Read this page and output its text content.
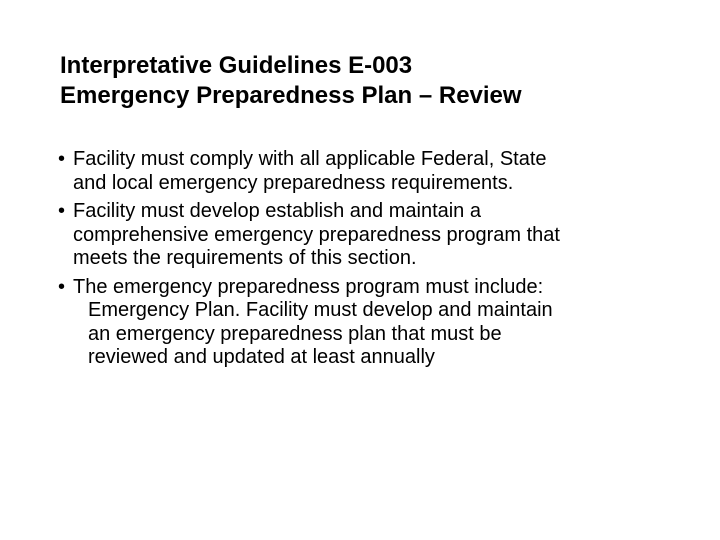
Interpretative Guidelines E-003
Emergency Preparedness Plan – Review
• Facility must comply with all applicable Federal, State
and local emergency preparedness requirements.
• Facility must develop establish and maintain a
comprehensive emergency preparedness program that
meets the requirements of this section.
• The emergency preparedness program must include:
Emergency Plan. Facility must develop and maintain
an emergency preparedness plan that must be
reviewed and updated at least annually
